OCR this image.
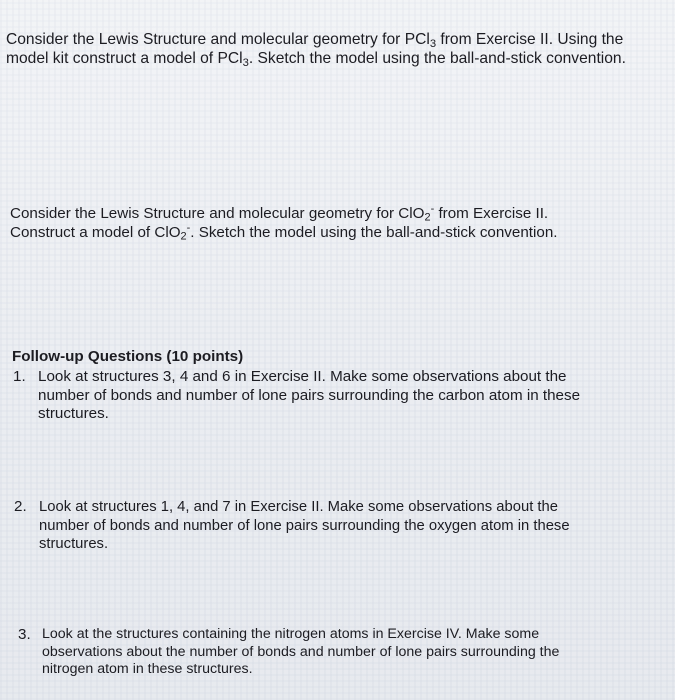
Consider the Lewis Structure and molecular geometry for PCl$_3$ from Exercise II. Using the
model kit construct a model of PCl$_3$. Sketch the model using the ball-and-stick convention.

Consider the Lewis Structure and molecular geometry for ClO$_2$- from Exercise II.
Construct a model of ClO$_2$-. Sketch the model using the ball-and-stick convention.

Follow-up Questions (10 points)

1. Look at structures 3, 4 and 6 in Exercise II. Make some observations about the
number of bonds and number of lone pairs surrounding the carbon atom in these
structures.
2. Look at structures 1, 4, and 7 in Exercise II. Make some observations about the
number of bonds and number of lone pairs surrounding the oxygen atom in these
structures.
3. Look at the structures containing the nitrogen atoms in Exercise IV. Make some
observations about the number of bonds and number of lone pairs surrounding the
nitrogen atom in these structures.
